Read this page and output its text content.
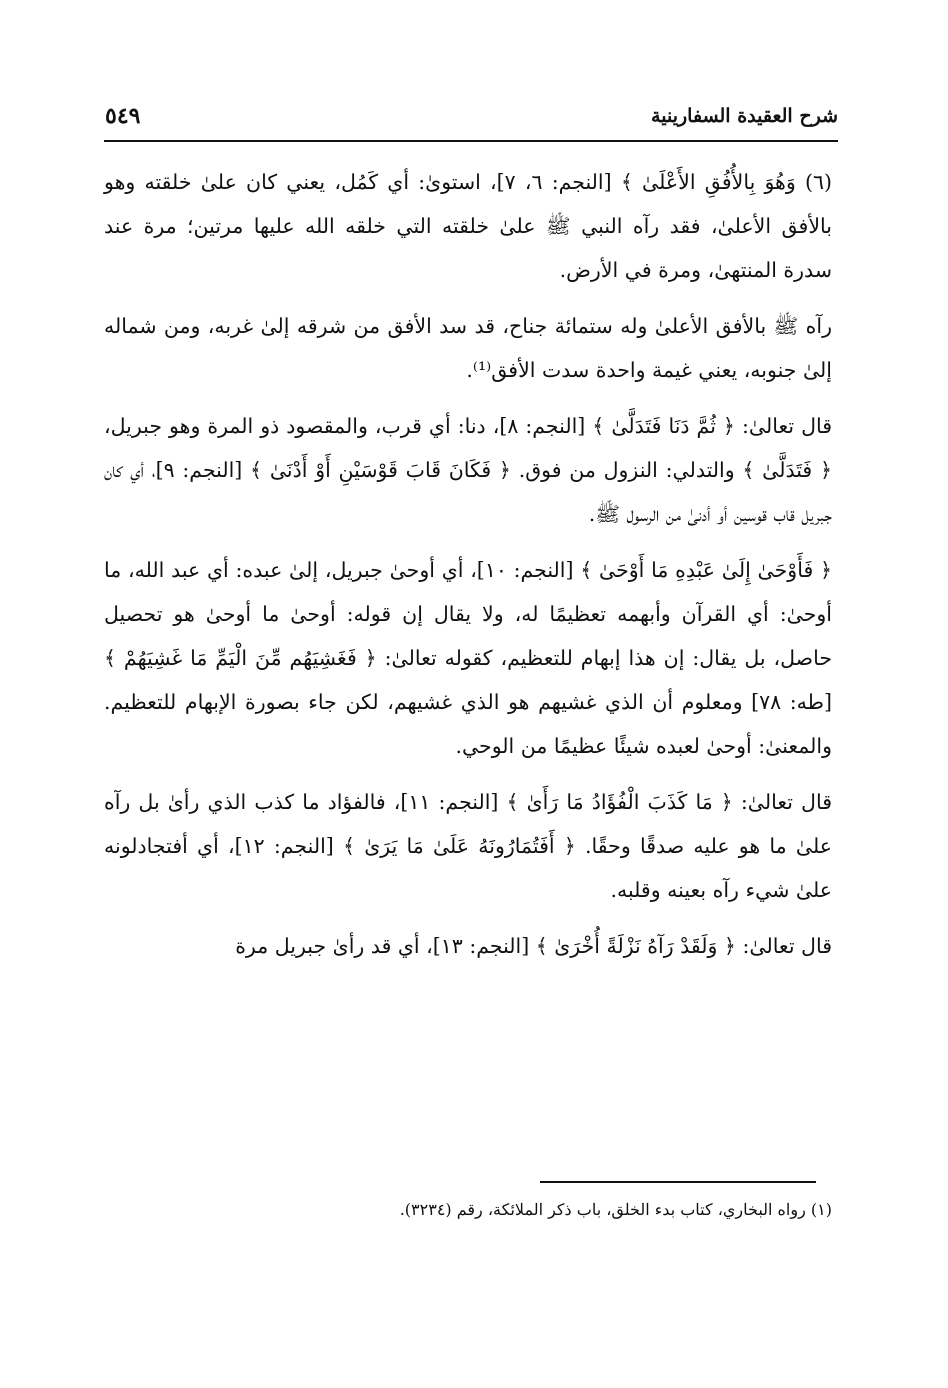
شرح العقيدة السفارينية
٥٤٩

(٦) وَهُوَ بِالأُفُقِ الأَعْلَىٰ ﴾ [النجم: ٦، ٧]، استوىٰ: أي كَمُل، يعني كان علىٰ خلقته وهو بالأفق الأعلىٰ، فقد رآه النبي ﷺ علىٰ خلقته التي خلقه الله عليها مرتين؛ مرة عند سدرة المنتهىٰ، ومرة في الأرض.

رآه ﷺ بالأفق الأعلىٰ وله ستمائة جناح، قد سد الأفق من شرقه إلىٰ غربه، ومن شماله إلىٰ جنوبه، يعني غيمة واحدة سدت الأفق⁽¹⁾.

قال تعالىٰ: ﴿ ثُمَّ دَنَا فَتَدَلَّىٰ ﴾ [النجم: ٨]، دنا: أي قرب، والمقصود ذو المرة وهو جبريل، ﴿ فَتَدَلَّىٰ ﴾ والتدلي: النزول من فوق. ﴿ فَكَانَ قَابَ قَوْسَيْنِ أَوْ أَدْنَىٰ ﴾ [النجم: ٩]، أي كان جبريل قاب قوسين أو أدنىٰ من الرسول ﷺ.

﴿ فَأَوْحَىٰ إِلَىٰ عَبْدِهِ مَا أَوْحَىٰ ﴾ [النجم: ١٠]، أي أوحىٰ جبريل، إلىٰ عبده: أي عبد الله، ما أوحىٰ: أي القرآن وأبهمه تعظيمًا له، ولا يقال إن قوله: أوحىٰ ما أوحىٰ هو تحصيل حاصل، بل يقال: إن هذا إبهام للتعظيم، كقوله تعالىٰ: ﴿ فَغَشِيَهُم مِّنَ الْيَمِّ مَا غَشِيَهُمْ ﴾ [طه: ٧٨] ومعلوم أن الذي غشيهم هو الذي غشيهم، لكن جاء بصورة الإبهام للتعظيم. والمعنىٰ: أوحىٰ لعبده شيئًا عظيمًا من الوحي.

قال تعالىٰ: ﴿ مَا كَذَبَ الْفُؤَادُ مَا رَأَىٰ ﴾ [النجم: ١١]، فالفؤاد ما كذب الذي رأىٰ بل رآه علىٰ ما هو عليه صدقًا وحقًا. ﴿ أَفَتُمَارُونَهُ عَلَىٰ مَا يَرَىٰ ﴾ [النجم: ١٢]، أي أفتجادلونه علىٰ شيء رآه بعينه وقلبه.

قال تعالىٰ: ﴿ وَلَقَدْ رَآهُ نَزْلَةً أُخْرَىٰ ﴾ [النجم: ١٣]، أي قد رأىٰ جبريل مرة

(١) رواه البخاري، كتاب بدء الخلق، باب ذكر الملائكة، رقم (٣٢٣٤).
